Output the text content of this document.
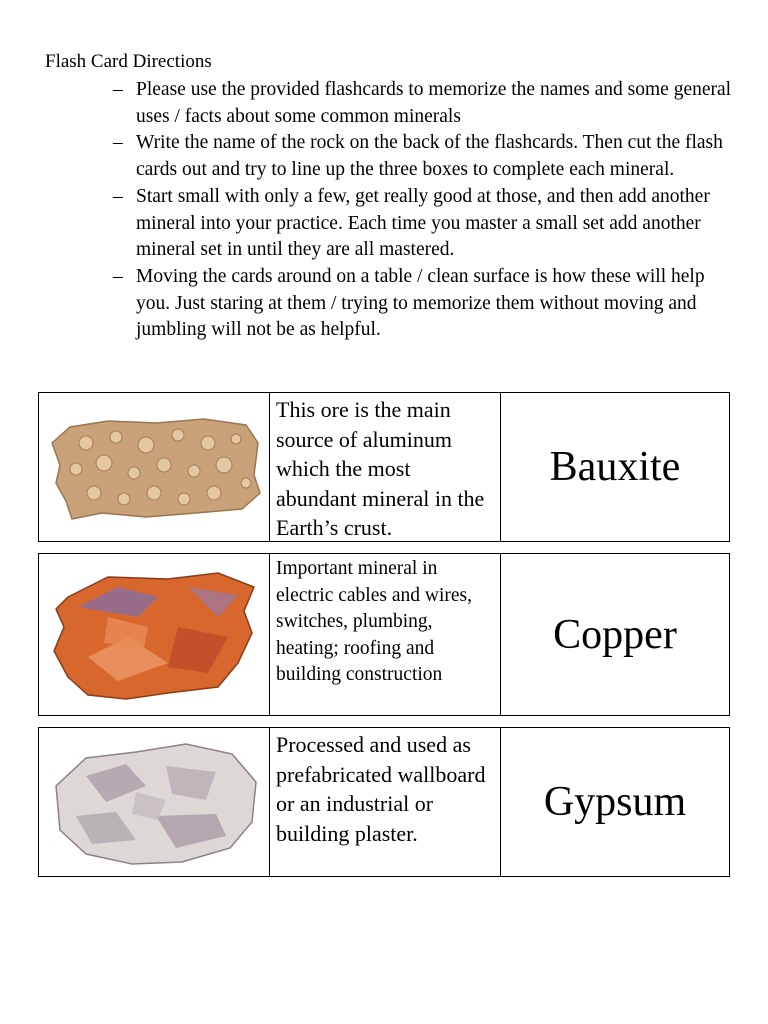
Flash Card Directions

– Please use the provided flashcards to memorize the names and some general uses / facts about some common minerals
– Write the name of the rock on the back of the flashcards. Then cut the flash cards out and try to line up the three boxes to complete each mineral.
– Start small with only a few, get really good at those, and then add another mineral into your practice. Each time you master a small set add another mineral set in until they are all mastered.
– Moving the cards around on a table / clean surface is how these will help you. Just staring at them / trying to memorize them without moving and jumbling will not be as helpful.
This ore is the main source of aluminum which the most abundant mineral in the Earth’s crust.
Bauxite
Important mineral in electric cables and wires, switches, plumbing, heating; roofing and building construction
Copper
Processed and used as prefabricated wallboard or an industrial or building plaster.
Gypsum
